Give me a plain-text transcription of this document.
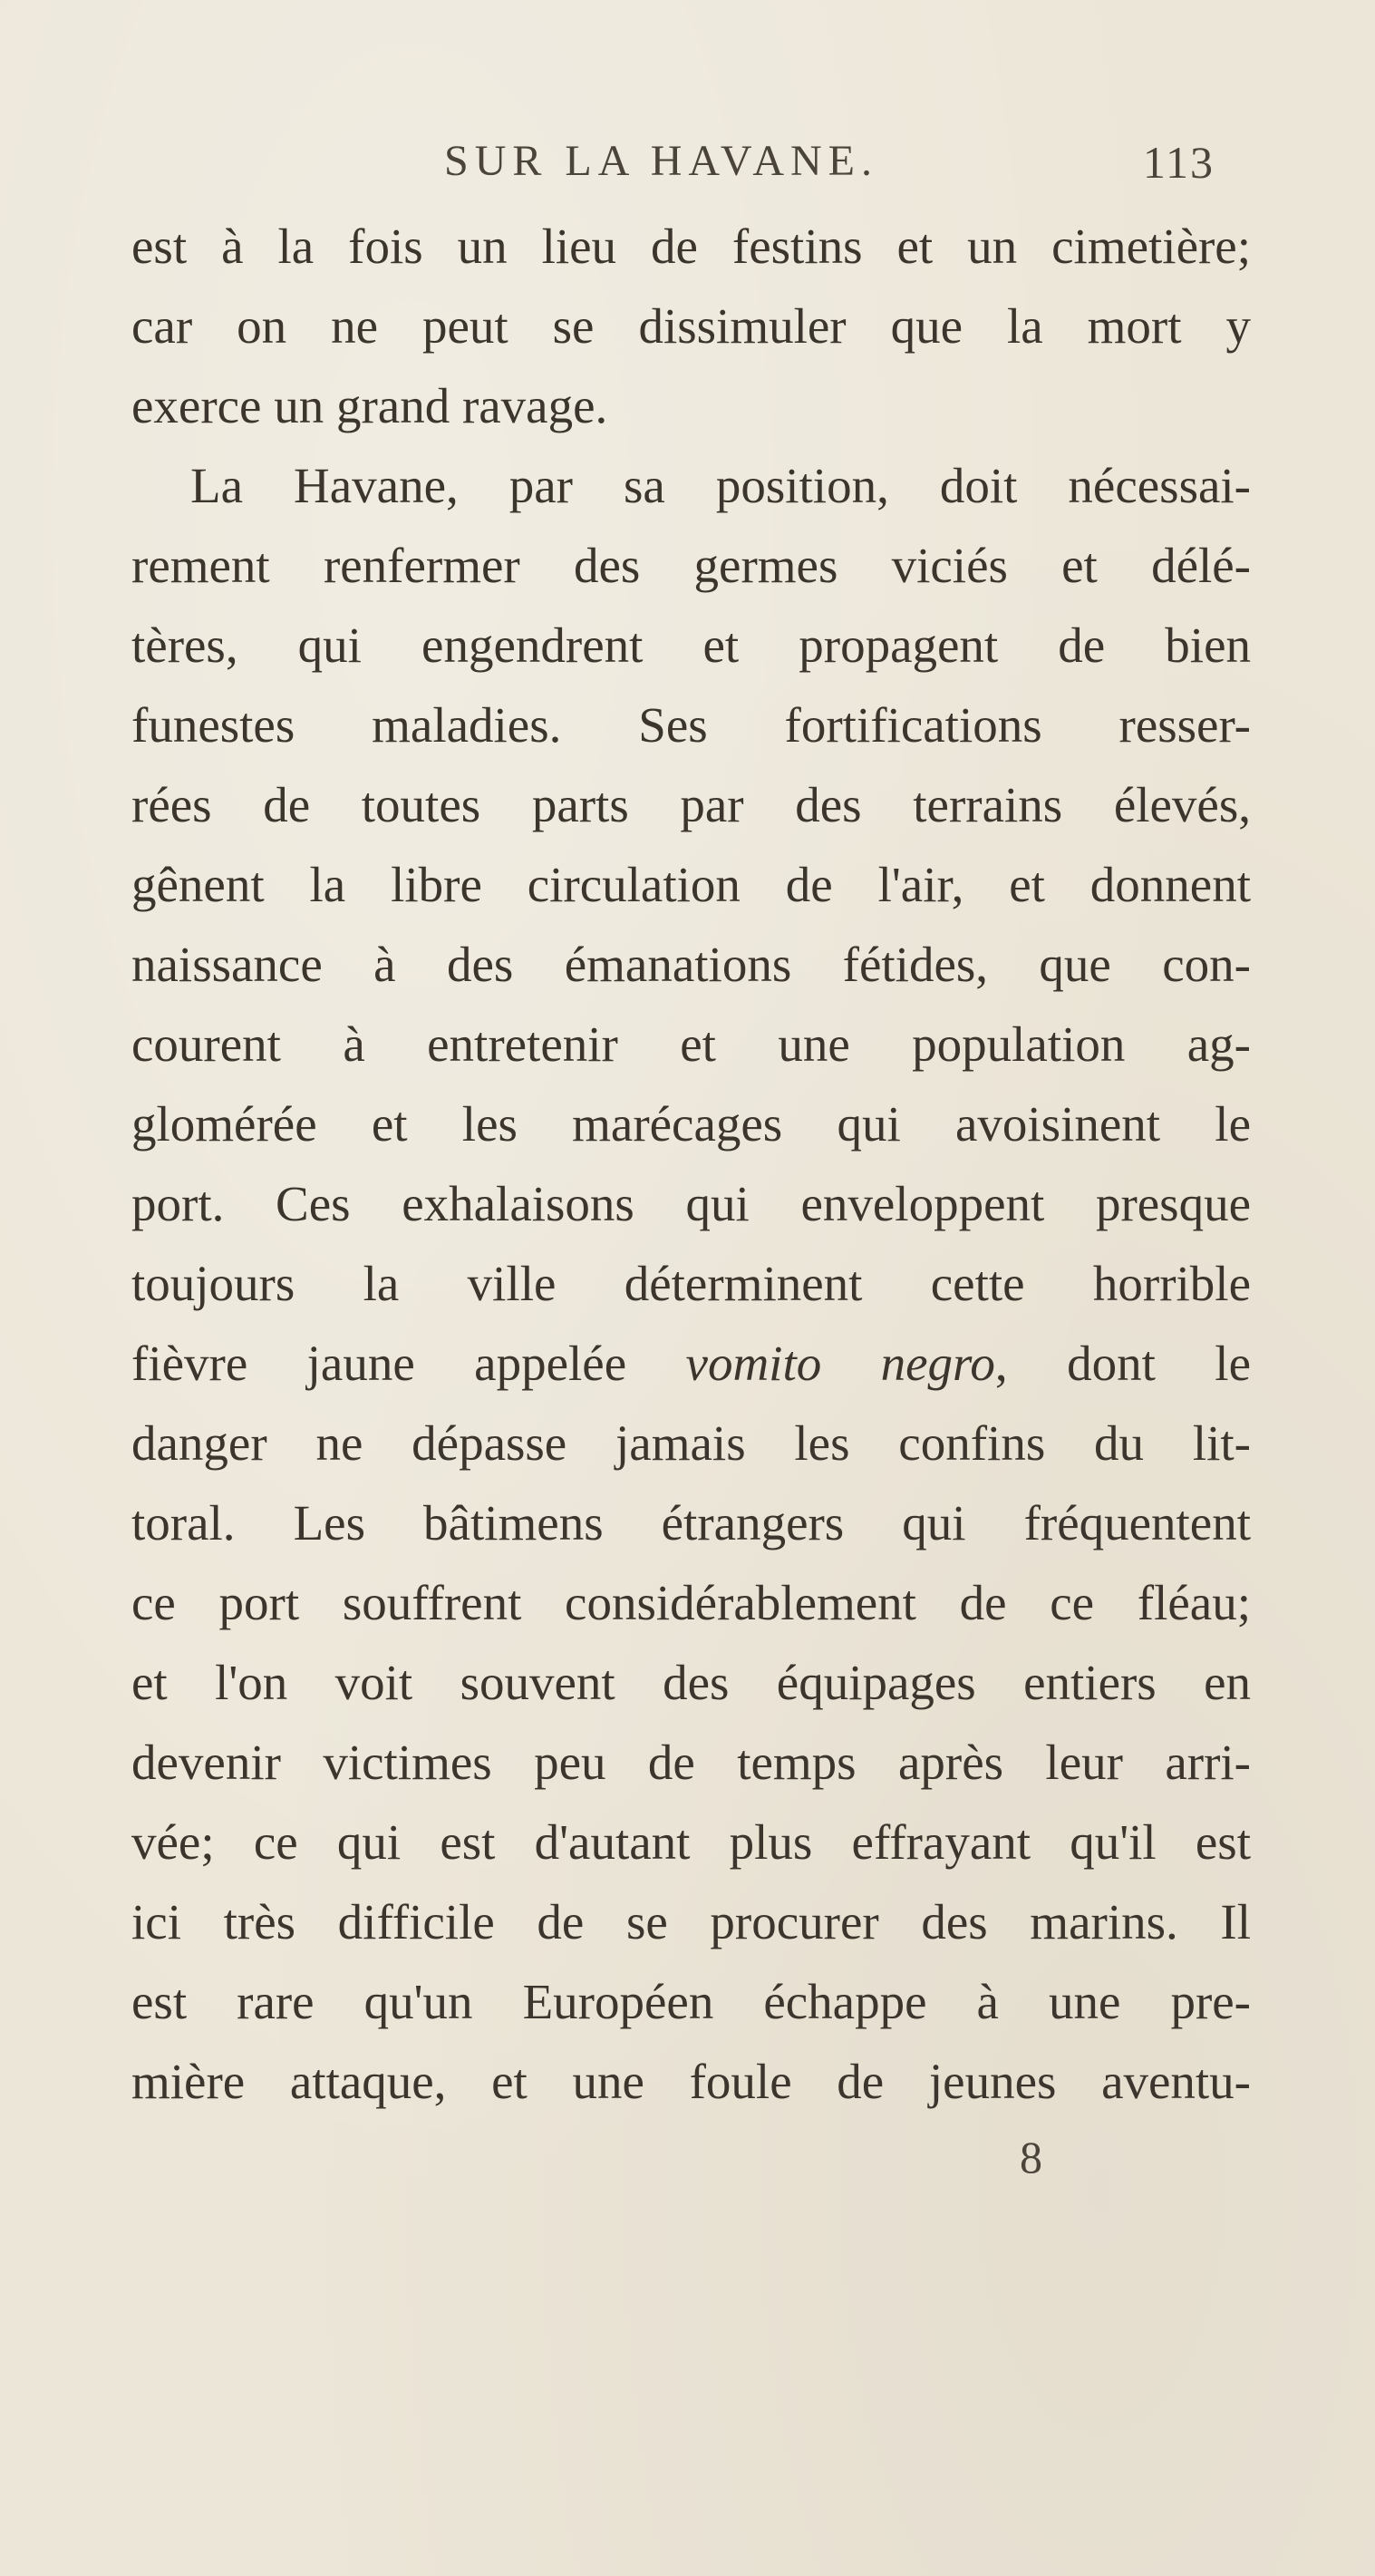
SUR LA HAVANE.	113
est à la fois un lieu de festins et un cimetière;
car on ne peut se dissimuler que la mort y
exerce un grand ravage.
La Havane, par sa position, doit nécessai-
rement renfermer des germes viciés et délé-
tères, qui engendrent et propagent de bien
funestes maladies. Ses fortifications resser-
rées de toutes parts par des terrains élevés,
gênent la libre circulation de l'air, et donnent
naissance à des émanations fétides, que con-
courent à entretenir et une population ag-
glomérée et les marécages qui avoisinent le
port. Ces exhalaisons qui enveloppent presque
toujours la ville déterminent cette horrible
fièvre jaune appelée vomito negro, dont le
danger ne dépasse jamais les confins du lit-
toral. Les bâtimens étrangers qui fréquentent
ce port souffrent considérablement de ce fléau;
et l'on voit souvent des équipages entiers en
devenir victimes peu de temps après leur arri-
vée; ce qui est d'autant plus effrayant qu'il est
ici très difficile de se procurer des marins. Il
est rare qu'un Européen échappe à une pre-
mière attaque, et une foule de jeunes aventu-
8
